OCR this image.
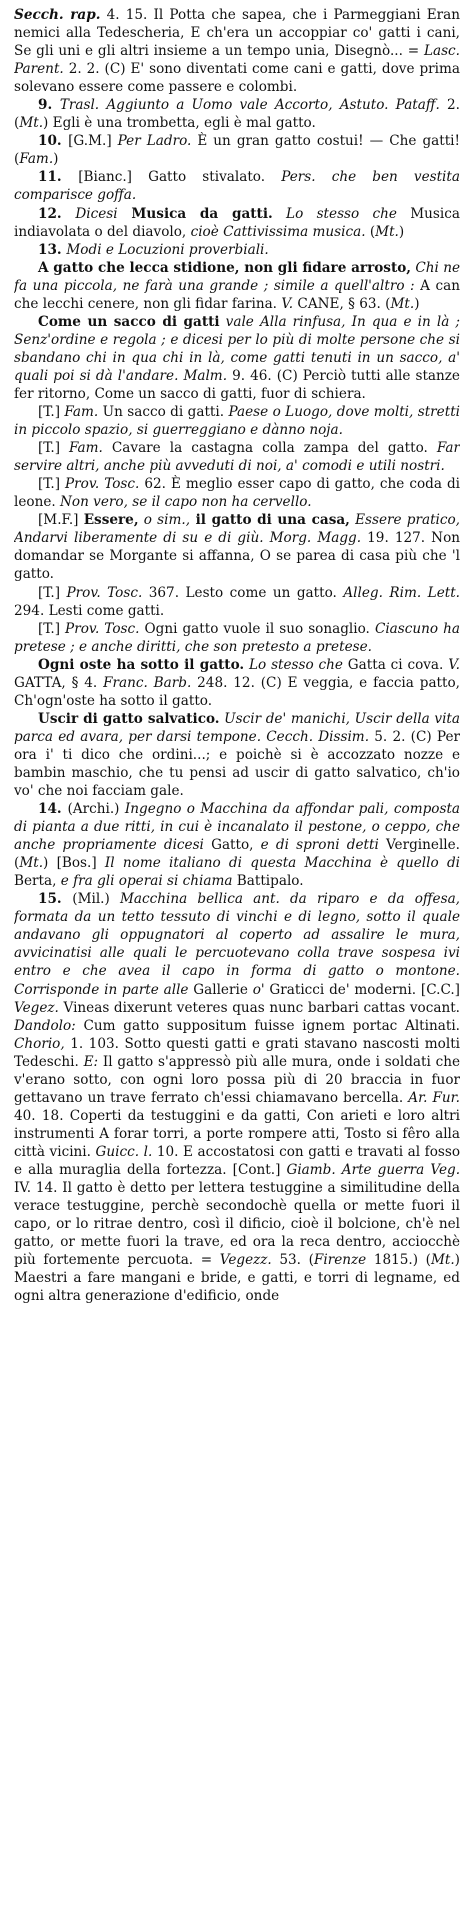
Secch. rap. 4. 15. Il Potta che sapea, che i Parmeggiani Eran nemici alla Tedescheria, E ch'era un accoppiar co' gatti i cani, Se gli uni e gli altri insieme a un tempo unia, Disegnò... = Lasc. Parent. 2. 2. (C) E' sono diventati come cani e gatti, dove prima solevano essere come passere e colombi.

9. Trasl. Aggiunto a Uomo vale Accorto, Astuto. Pataff. 2. (Mt.) Egli è una trombetta, egli è mal gatto.

10. [G.M.] Per Ladro. È un gran gatto costui! — Che gatti! (Fam.)

11. [Bianc.] Gatto stivalato. Pers. che ben vestita comparisce goffa.

12. Dicesi Musica da gatti. Lo stesso che Musica indiavolata o del diavolo, cioè Cattivissima musica. (Mt.)

13. Modi e Locuzioni proverbiali.

A gatto che lecca stidione, non gli fidare arrosto, Chi ne fa una piccola, ne farà una grande ; simile a quell'altro : A can che lecchi cenere, non gli fidar farina. V. CANE, § 63. (Mt.)

Come un sacco di gatti vale Alla rinfusa, In qua e in là ; Senz'ordine e regola ; e dicesi per lo più di molte persone che si sbandano chi in qua chi in là, come gatti tenuti in un sacco, a' quali poi si dà l'andare. Malm. 9. 46. (C) Perciò tutti alle stanze fer ritorno, Come un sacco di gatti, fuor di schiera.

[T.] Fam. Un sacco di gatti. Paese o Luogo, dove molti, stretti in piccolo spazio, si guerreggiano e dànno noja.

[T.] Fam. Cavare la castagna colla zampa del gatto. Far servire altri, anche più avveduti di noi, a' comodi e utili nostri.

[T.] Prov. Tosc. 62. È meglio esser capo di gatto, che coda di leone. Non vero, se il capo non ha cervello.

[M.F.] Essere, o sim., il gatto di una casa, Essere pratico, Andarvi liberamente di su e di giù. Morg. Magg. 19. 127. Non domandar se Morgante si affanna, O se parea di casa più che 'l gatto.

[T.] Prov. Tosc. 367. Lesto come un gatto. Alleg. Rim. Lett. 294. Lesti come gatti.

[T.] Prov. Tosc. Ogni gatto vuole il suo sonaglio. Ciascuno ha pretese ; e anche diritti, che son pretesto a pretese.

Ogni oste ha sotto il gatto. Lo stesso che Gatta ci cova. V. GATTA, § 4. Franc. Barb. 248. 12. (C) E veggia, e faccia patto, Ch'ogn'oste ha sotto il gatto.

Uscir di gatto salvatico. Uscir de' manichi, Uscir della vita parca ed avara, per darsi tempone. Cecch. Dissim. 5. 2. (C) Per ora i' ti dico che ordini...; e poichè si è accozzato nozze e bambin maschio, che tu pensi ad uscir di gatto salvatico, ch'io vo' che noi facciam gale.

14. (Archi.) Ingegno o Macchina da affondar pali, composta di pianta a due ritti, in cui è incanalato il pestone, o ceppo, che anche propriamente dicesi Gatto, e di sproni detti Verginelle. (Mt.) [Bos.] Il nome italiano di questa Macchina è quello di Berta, e fra gli operai si chiama Battipalo.

15. (Mil.) Macchina bellica ant. da riparo e da offesa, formata da un tetto tessuto di vinchi e di legno, sotto il quale andavano gli oppugnatori al coperto ad assalire le mura, avvicinatisi alle quali le percuotevano colla trave sospesa ivi entro e che avea il capo in forma di gatto o montone. Corrisponde in parte alle Gallerie o' Graticci de' moderni. [C.C.] Vegez. Vineas dixerunt veteres quas nunc barbari cattas vocant. Dandolo: Cum gatto suppositum fuisse ignem portac Altinati. Chorio, 1. 103. Sotto questi gatti e grati stavano nascosti molti Tedeschi. E: Il gatto s'appressò più alle mura, onde i soldati che v'erano sotto, con ogni loro possa più di 20 braccia in fuor gettavano un trave ferrato ch'essi chiamavano bercella. Ar. Fur. 40. 18. Coperti da testuggini e da gatti, Con arieti e loro altri instrumenti A forar torri, a porte rompere atti, Tosto si fêro alla città vicini. Guicc. l. 10. E accostatosi con gatti e travati al fosso e alla muraglia della fortezza. [Cont.] Giamb. Arte guerra Veg. IV. 14. Il gatto è detto per lettera testuggine a similitudine della verace testuggine, perchè secondochè quella or mette fuori il capo, or lo ritrae dentro, così il dificio, cioè il bolcione, ch'è nel gatto, or mette fuori la trave, ed ora la reca dentro, acciocchè più fortemente percuota. = Vegezz. 53. (Firenze 1815.) (Mt.) Maestri a fare mangani e bride, e gatti, e torri di legname, ed ogni altra generazione d'edificio, onde
